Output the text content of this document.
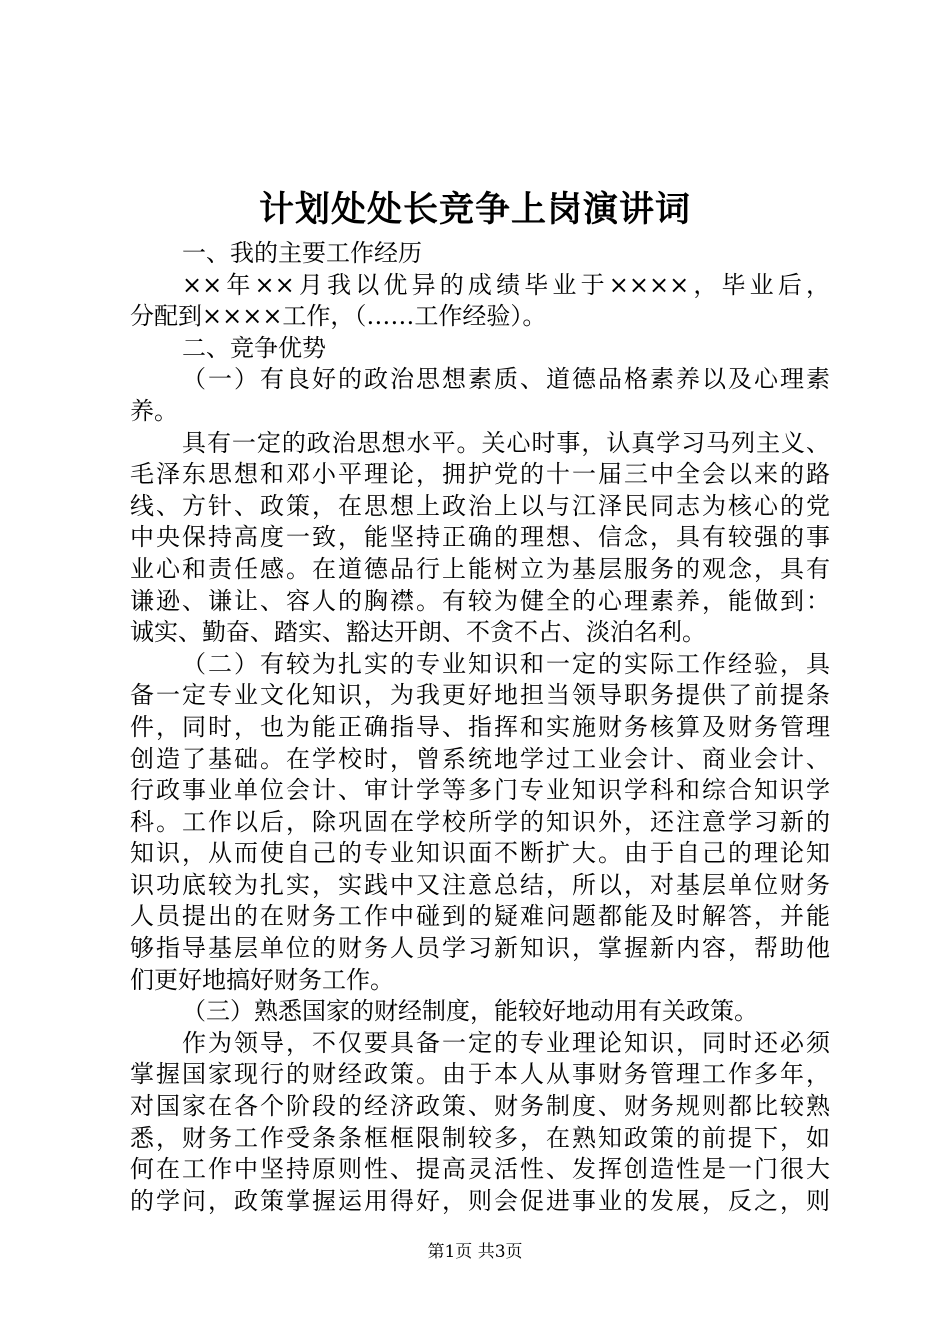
计划处处长竞争上岗演讲词
一、我的主要工作经历
××年××月我以优异的成绩毕业于××××，毕业后，
分配到××××工作，（……工作经验）。
二、竞争优势
（一）有良好的政治思想素质、道德品格素养以及心理素
养。
具有一定的政治思想水平。关心时事，认真学习马列主义、
毛泽东思想和邓小平理论，拥护党的十一届三中全会以来的路
线、方针、政策，在思想上政治上以与江泽民同志为核心的党
中央保持高度一致，能坚持正确的理想、信念，具有较强的事
业心和责任感。在道德品行上能树立为基层服务的观念，具有
谦逊、谦让、容人的胸襟。有较为健全的心理素养，能做到：
诚实、勤奋、踏实、豁达开朗、不贪不占、淡泊名利。
（二）有较为扎实的专业知识和一定的实际工作经验，具
备一定专业文化知识，为我更好地担当领导职务提供了前提条
件，同时，也为能正确指导、指挥和实施财务核算及财务管理
创造了基础。在学校时，曾系统地学过工业会计、商业会计、
行政事业单位会计、审计学等多门专业知识学科和综合知识学
科。工作以后，除巩固在学校所学的知识外，还注意学习新的
知识，从而使自己的专业知识面不断扩大。由于自己的理论知
识功底较为扎实，实践中又注意总结，所以，对基层单位财务
人员提出的在财务工作中碰到的疑难问题都能及时解答，并能
够指导基层单位的财务人员学习新知识，掌握新内容，帮助他
们更好地搞好财务工作。
（三）熟悉国家的财经制度，能较好地动用有关政策。
作为领导，不仅要具备一定的专业理论知识，同时还必须
掌握国家现行的财经政策。由于本人从事财务管理工作多年，
对国家在各个阶段的经济政策、财务制度、财务规则都比较熟
悉，财务工作受条条框框限制较多，在熟知政策的前提下，如
何在工作中坚持原则性、提高灵活性、发挥创造性是一门很大
的学问，政策掌握运用得好，则会促进事业的发展，反之，则
第1页 共3页
